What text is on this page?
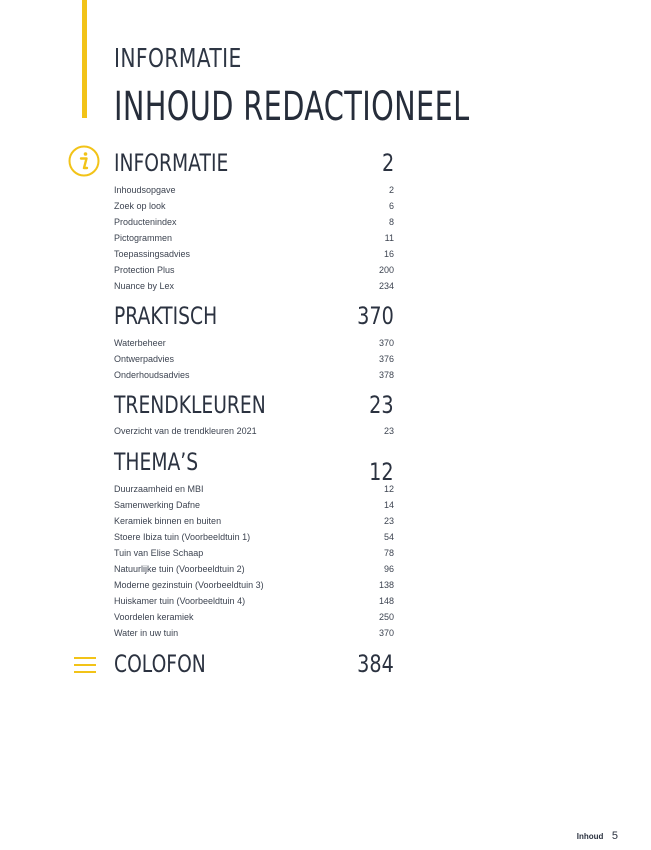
INFORMATIE
INHOUD REDACTIONEEL
INFORMATIE	2
Inhoudsopgave	2
Zoek op look	6
Productenindex	8
Pictogrammen	11
Toepassingsadvies	16
Protection Plus	200
Nuance by Lex	234
PRAKTISCH	370
Waterbeheer	370
Ontwerpadvies	376
Onderhoudsadvies	378
TRENDKLEUREN	23
Overzicht van de trendkleuren 2021	23
THEMA’S	12
Duurzaamheid en MBI	12
Samenwerking Dafne	14
Keramiek binnen en buiten	23
Stoere Ibiza tuin (Voorbeeldtuin 1)	54
Tuin van Elise Schaap	78
Natuurlijke tuin (Voorbeeldtuin 2)	96
Moderne gezinstuin (Voorbeeldtuin 3)	138
Huiskamer tuin (Voorbeeldtuin 4)	148
Voordelen keramiek	250
Water in uw tuin	370
COLOFON	384
Inhoud 5
